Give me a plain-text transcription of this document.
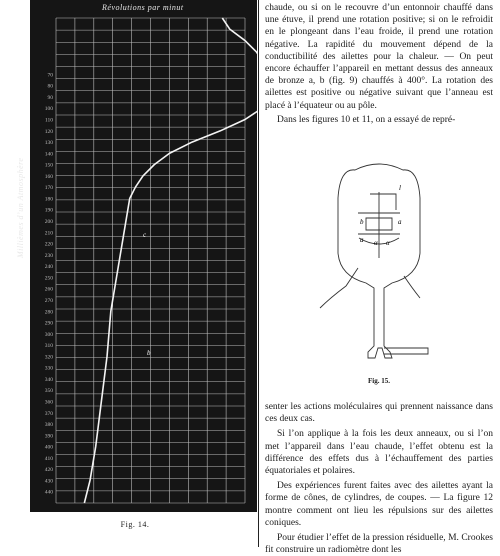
70
80
90
100
110
120
130
140
150
160
170
180
190
200
210
220
230
240
250
260
270
280
290
300
310
320
330
340
350
360
370
380
390
400
410
420
430
440
c
b
Révolutions par minut
Millièmes d’un Atmosphère
Fig. 14.

chaude, ou si on le recouvre d’un entonnoir chauffé dans une étuve, il prend une rotation positive; si on le refroidit en le plongeant dans l’eau froide, il prend une rotation négative. La rapidité du mouvement dépend de la conductibilité des ailettes pour la chaleur. — On peut encore échauffer l’appareil en mettant dessus des anneaux de bronze a, b (fig. 9) chauffés à 400°. La rotation des ailettes est positive ou négative suivant que l’anneau est placé à l’équateur ou au pôle.

Dans les figures 10 et 11, on a essayé de repré-

l
b	a
a α α
Fig. 15.

senter les actions moléculaires qui prennent naissance dans ces deux cas.

Si l’on applique à la fois les deux anneaux, ou si l’on met l’appareil dans l’eau chaude, l’effet obtenu est la différence des effets dus à l’échauffement des parties équatoriales et polaires.

Des expériences furent faites avec des ailettes ayant la forme de cônes, de cylindres, de coupes. — La figure 12 montre comment ont lieu les répulsions sur des ailettes coniques.

Pour étudier l’effet de la pression résiduelle, M. Crookes fit construire un radiomètre dont les
